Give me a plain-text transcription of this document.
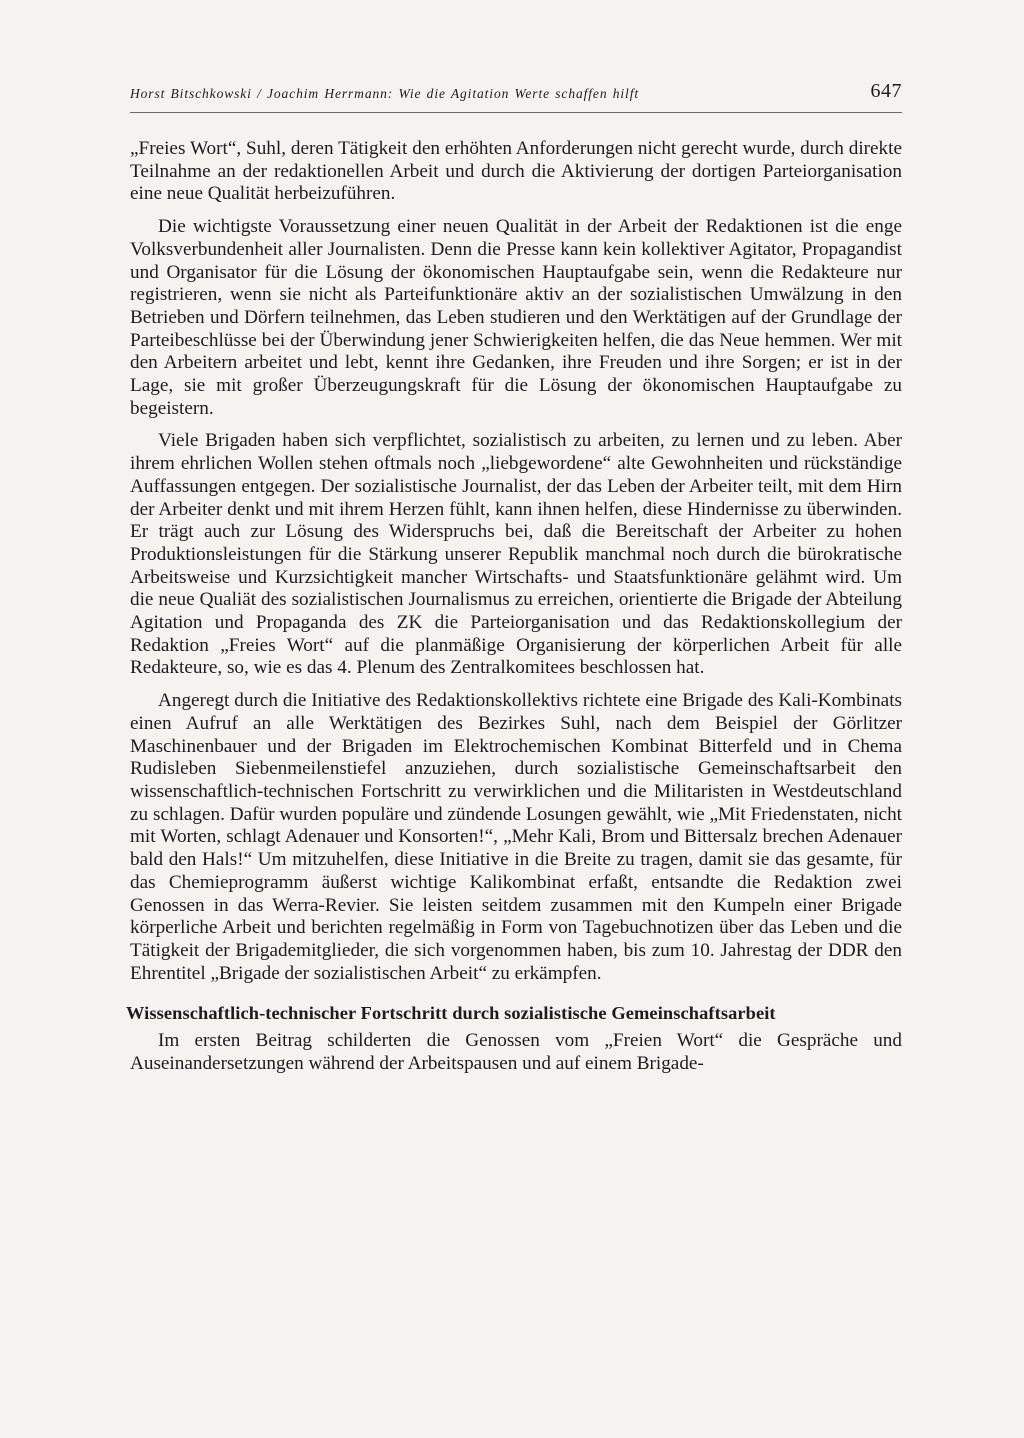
Horst Bitschkowski / Joachim Herrmann: Wie die Agitation Werte schaffen hilft	647

„Freies Wort“, Suhl, deren Tätigkeit den erhöhten Anforderungen nicht gerecht wurde, durch direkte Teilnahme an der redaktionellen Arbeit und durch die Aktivierung der dortigen Parteiorganisation eine neue Qualität herbeizuführen.

Die wichtigste Voraussetzung einer neuen Qualität in der Arbeit der Redaktionen ist die enge Volksverbundenheit aller Journalisten. Denn die Presse kann kein kollektiver Agitator, Propagandist und Organisator für die Lösung der ökonomischen Hauptaufgabe sein, wenn die Redakteure nur registrieren, wenn sie nicht als Parteifunktionäre aktiv an der sozialistischen Umwälzung in den Betrieben und Dörfern teilnehmen, das Leben studieren und den Werktätigen auf der Grundlage der Parteibeschlüsse bei der Überwindung jener Schwierigkeiten helfen, die das Neue hemmen. Wer mit den Arbeitern arbeitet und lebt, kennt ihre Gedanken, ihre Freuden und ihre Sorgen; er ist in der Lage, sie mit großer Überzeugungskraft für die Lösung der ökonomischen Hauptaufgabe zu begeistern.

Viele Brigaden haben sich verpflichtet, sozialistisch zu arbeiten, zu lernen und zu leben. Aber ihrem ehrlichen Wollen stehen oftmals noch „liebgewordene“ alte Gewohnheiten und rückständige Auffassungen entgegen. Der sozialistische Journalist, der das Leben der Arbeiter teilt, mit dem Hirn der Arbeiter denkt und mit ihrem Herzen fühlt, kann ihnen helfen, diese Hindernisse zu überwinden. Er trägt auch zur Lösung des Widerspruchs bei, daß die Bereitschaft der Arbeiter zu hohen Produktionsleistungen für die Stärkung unserer Republik manchmal noch durch die bürokratische Arbeitsweise und Kurzsichtigkeit mancher Wirtschafts- und Staatsfunktionäre gelähmt wird. Um die neue Qualiät des sozialistischen Journalismus zu erreichen, orientierte die Brigade der Abteilung Agitation und Propaganda des ZK die Parteiorganisation und das Redaktionskollegium der Redaktion „Freies Wort“ auf die planmäßige Organisierung der körperlichen Arbeit für alle Redakteure, so, wie es das 4. Plenum des Zentralkomitees beschlossen hat.

Angeregt durch die Initiative des Redaktionskollektivs richtete eine Brigade des Kali-Kombinats einen Aufruf an alle Werktätigen des Bezirkes Suhl, nach dem Beispiel der Görlitzer Maschinenbauer und der Brigaden im Elektrochemischen Kombinat Bitterfeld und in Chema Rudisleben Siebenmeilenstiefel anzuziehen, durch sozialistische Gemeinschaftsarbeit den wissenschaftlich-technischen Fortschritt zu verwirklichen und die Militaristen in Westdeutschland zu schlagen. Dafür wurden populäre und zündende Losungen gewählt, wie „Mit Friedenstaten, nicht mit Worten, schlagt Adenauer und Konsorten!“, „Mehr Kali, Brom und Bittersalz brechen Adenauer bald den Hals!“ Um mitzuhelfen, diese Initiative in die Breite zu tragen, damit sie das gesamte, für das Chemieprogramm äußerst wichtige Kalikombinat erfaßt, entsandte die Redaktion zwei Genossen in das Werra-Revier. Sie leisten seitdem zusammen mit den Kumpeln einer Brigade körperliche Arbeit und berichten regelmäßig in Form von Tagebuchnotizen über das Leben und die Tätigkeit der Brigademitglieder, die sich vorgenommen haben, bis zum 10. Jahrestag der DDR den Ehrentitel „Brigade der sozialistischen Arbeit“ zu erkämpfen.

Wissenschaftlich-technischer Fortschritt durch sozialistische Gemeinschaftsarbeit

Im ersten Beitrag schilderten die Genossen vom „Freien Wort“ die Gespräche und Auseinandersetzungen während der Arbeitspausen und auf einem Brigade-
